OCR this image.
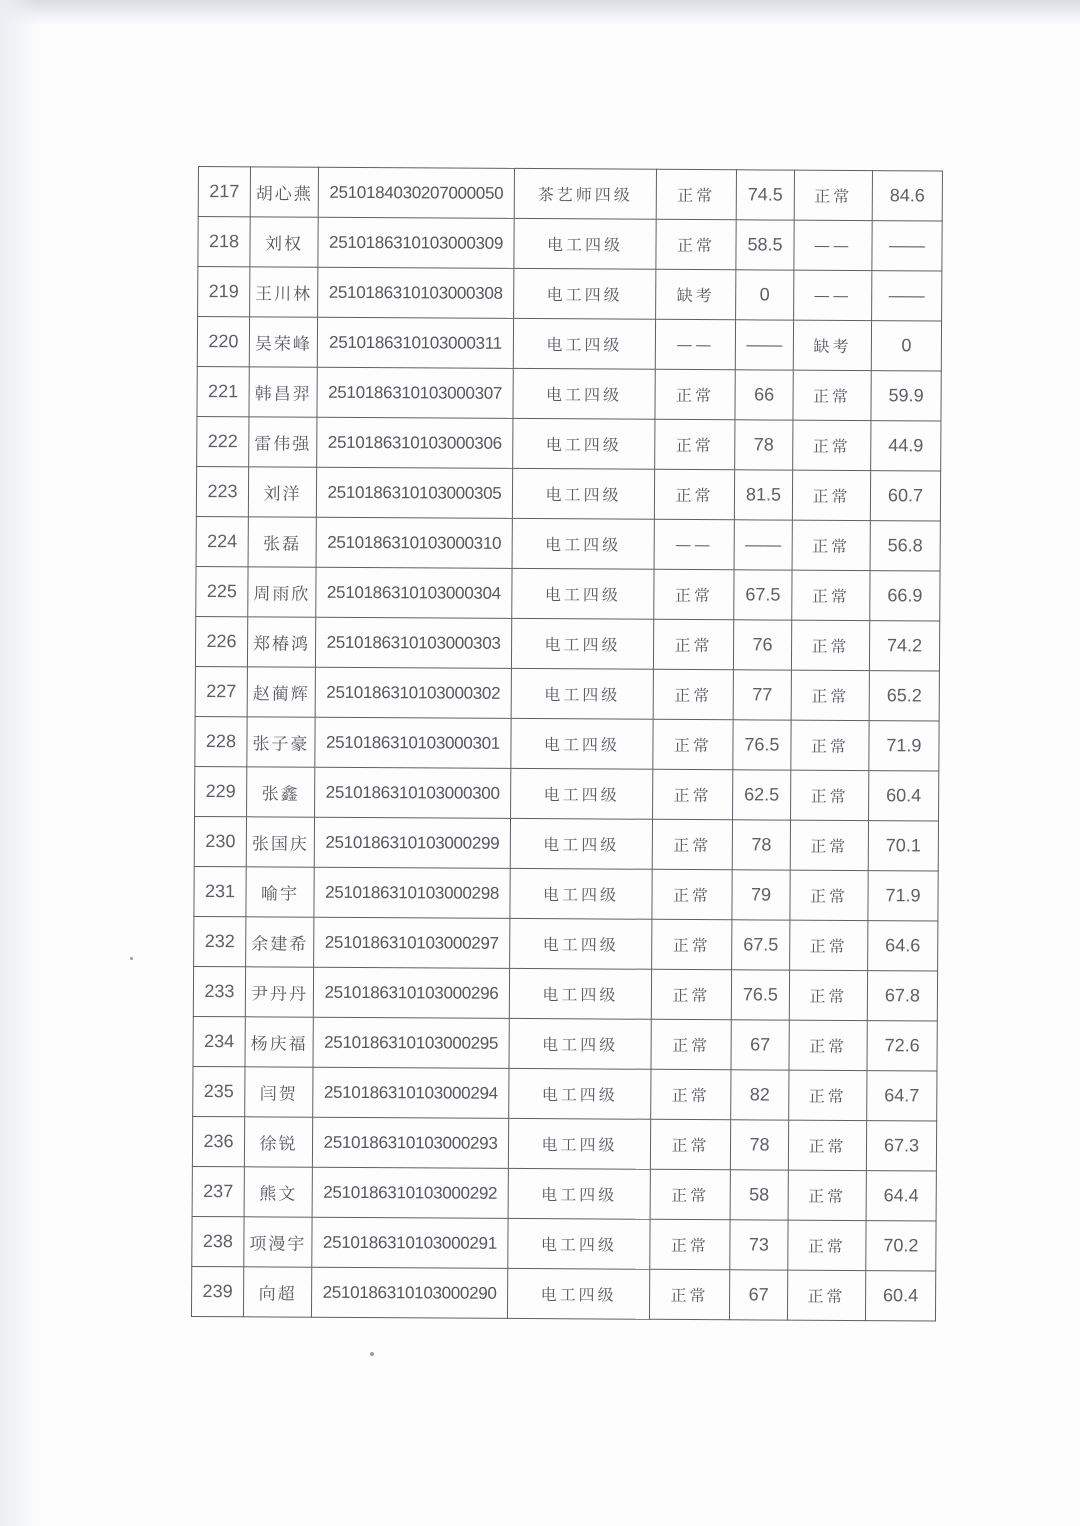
217	胡心燕	2510184030207000050	茶艺师四级	正常	74.5	正常	84.6
218	刘权	2510186310103000309	电工四级	正常	58.5	——	——
219	王川林	2510186310103000308	电工四级	缺考	0	——	——
220	吴荣峰	2510186310103000311	电工四级	——	——	缺考	0
221	韩昌羿	2510186310103000307	电工四级	正常	66	正常	59.9
222	雷伟强	2510186310103000306	电工四级	正常	78	正常	44.9
223	刘洋	2510186310103000305	电工四级	正常	81.5	正常	60.7
224	张磊	2510186310103000310	电工四级	——	——	正常	56.8
225	周雨欣	2510186310103000304	电工四级	正常	67.5	正常	66.9
226	郑椿鸿	2510186310103000303	电工四级	正常	76	正常	74.2
227	赵蔺辉	2510186310103000302	电工四级	正常	77	正常	65.2
228	张子豪	2510186310103000301	电工四级	正常	76.5	正常	71.9
229	张鑫	2510186310103000300	电工四级	正常	62.5	正常	60.4
230	张国庆	2510186310103000299	电工四级	正常	78	正常	70.1
231	喻宇	2510186310103000298	电工四级	正常	79	正常	71.9
232	余建希	2510186310103000297	电工四级	正常	67.5	正常	64.6
233	尹丹丹	2510186310103000296	电工四级	正常	76.5	正常	67.8
234	杨庆福	2510186310103000295	电工四级	正常	67	正常	72.6
235	闫贺	2510186310103000294	电工四级	正常	82	正常	64.7
236	徐锐	2510186310103000293	电工四级	正常	78	正常	67.3
237	熊文	2510186310103000292	电工四级	正常	58	正常	64.4
238	项漫宇	2510186310103000291	电工四级	正常	73	正常	70.2
239	向超	2510186310103000290	电工四级	正常	67	正常	60.4
